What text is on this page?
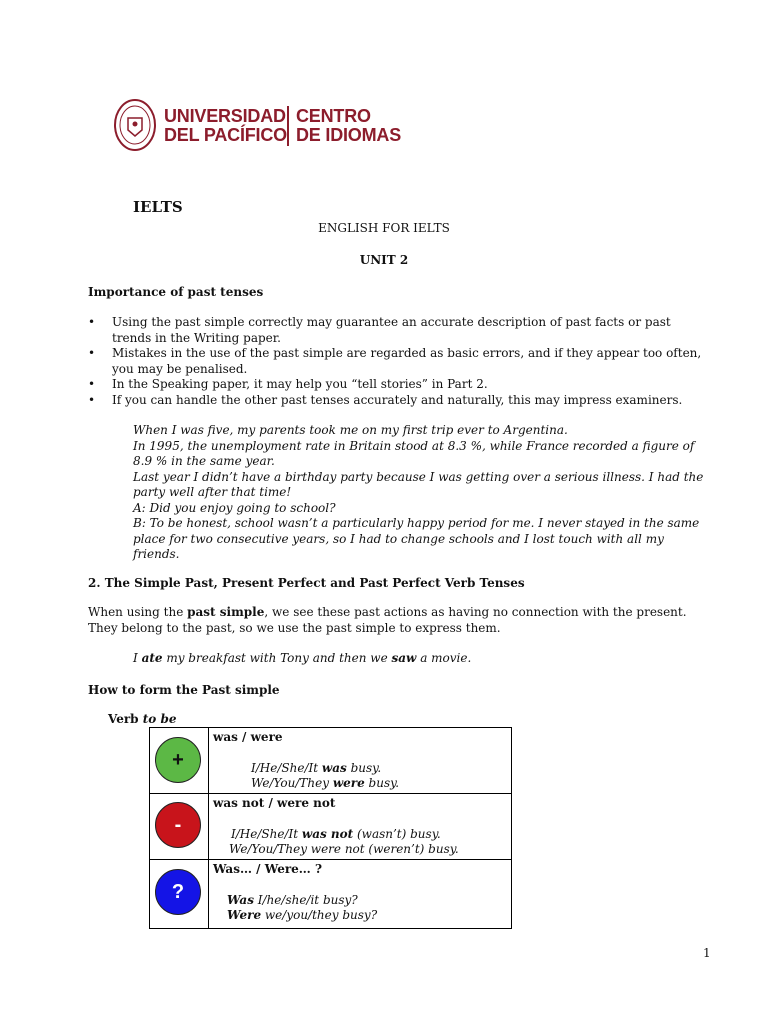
UNIVERSIDAD
DEL PACÍFICO
CENTRO
DE IDIOMAS
IELTS
ENGLISH FOR IELTS
UNIT 2
Importance of past tenses
• Using the past simple correctly may guarantee an accurate description of past facts or past trends in the Writing paper.
• Mistakes in the use of the past simple are regarded as basic errors, and if they appear too often, you may be penalised.
• In the Speaking paper, it may help you “tell stories” in Part 2.
• If you can handle the other past tenses accurately and naturally, this may impress examiners.

When I was five, my parents took me on my first trip ever to Argentina.

In 1995, the unemployment rate in Britain stood at 8.3 %, while France recorded a figure of 8.9 % in the same year.

Last year I didn’t have a birthday party because I was getting over a serious illness. I had the party well after that time!

A: Did you enjoy going to school?

B: To be honest, school wasn’t a particularly happy period for me. I never stayed in the same place for two consecutive years, so I had to change schools and I lost touch with all my friends.

2. The Simple Past, Present Perfect and Past Perfect Verb Tenses
When using the past simple, we see these past actions as having no connection with the present. They belong to the past, so we use the past simple to express them.
I ate my breakfast with Tony and then we saw a movie.
How to form the Past simple
Verb to be
+	was / were
I/He/She/It was busy.
We/You/They were busy.

-	was not / were not
I/He/She/It was not (wasn’t) busy.
We/You/They were not (weren’t) busy.

?	Was… / Were… ?
Was I/he/she/it busy?
Were we/you/they busy?
1
